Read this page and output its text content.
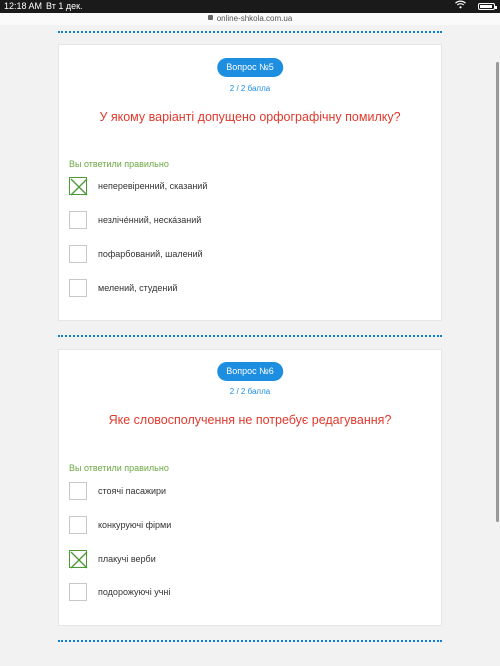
12:18 AM Вт 1 дек.
online-shkola.com.ua
Вопрос №5
2 / 2 балла
У якому варіанті допущено орфографічну помилку?
Вы ответили правильно
неперевіренний, сказаний
незлічéнний, нескáзаний
пофарбований, шалений
мелений, студений
Вопрос №6
2 / 2 балла
Яке словосполучення не потребує редагування?
Вы ответили правильно
стоячі пасажири
конкуруючі фірми
плакучі верби
подорожуючі учні
